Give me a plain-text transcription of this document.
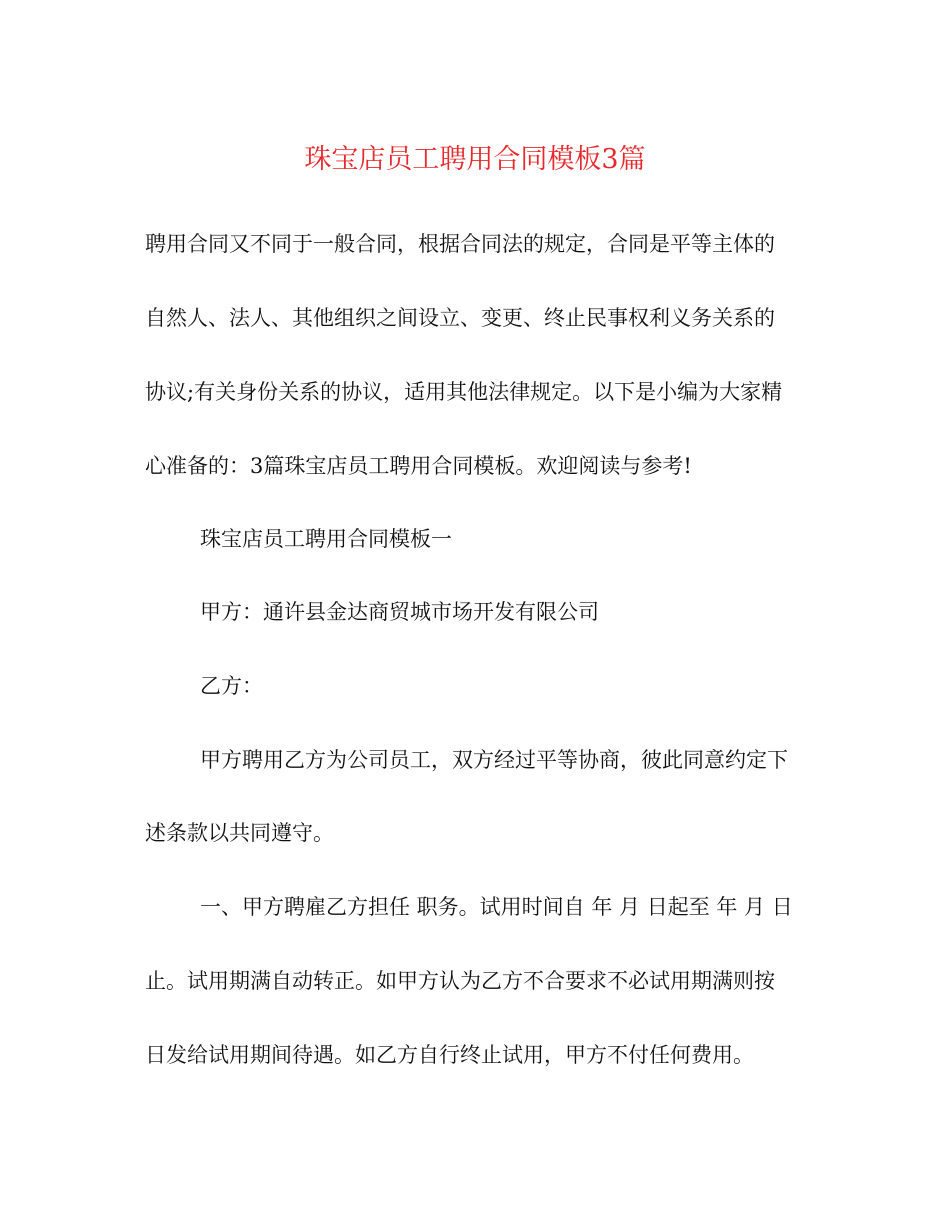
珠宝店员工聘用合同模板3篇

聘用合同又不同于一般合同，根据合同法的规定，合同是平等主体的

自然人、法人、其他组织之间设立、变更、终止民事权利义务关系的

协议;有关身份关系的协议，适用其他法律规定。以下是小编为大家精

心准备的：3篇珠宝店员工聘用合同模板。欢迎阅读与参考!

珠宝店员工聘用合同模板一

甲方：通许县金达商贸城市场开发有限公司

乙方：

甲方聘用乙方为公司员工，双方经过平等协商，彼此同意约定下

述条款以共同遵守。

一、甲方聘雇乙方担任 职务。试用时间自 年 月 日起至 年 月 日

止。试用期满自动转正。如甲方认为乙方不合要求不必试用期满则按

日发给试用期间待遇。如乙方自行终止试用，甲方不付任何费用。
